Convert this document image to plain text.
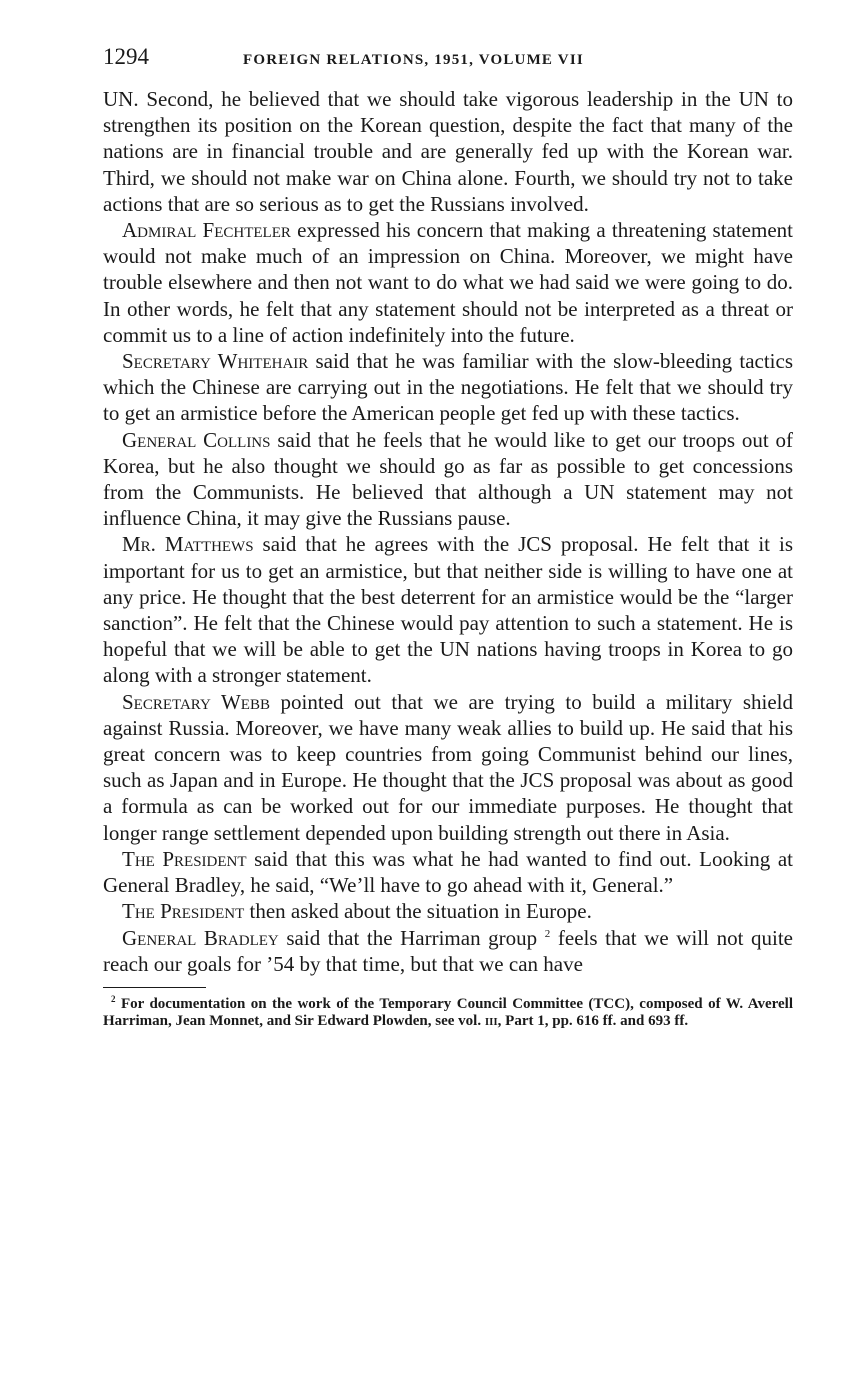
1294	FOREIGN RELATIONS, 1951, VOLUME VII

UN. Second, he believed that we should take vigorous leadership in the UN to strengthen its position on the Korean question, despite the fact that many of the nations are in financial trouble and are generally fed up with the Korean war. Third, we should not make war on China alone. Fourth, we should try not to take actions that are so serious as to get the Russians involved.

Admiral Fechteler expressed his concern that making a threatening statement would not make much of an impression on China. Moreover, we might have trouble elsewhere and then not want to do what we had said we were going to do. In other words, he felt that any statement should not be interpreted as a threat or commit us to a line of action indefinitely into the future.

Secretary Whitehair said that he was familiar with the slow-bleeding tactics which the Chinese are carrying out in the negotiations. He felt that we should try to get an armistice before the American people get fed up with these tactics.

General Collins said that he feels that he would like to get our troops out of Korea, but he also thought we should go as far as possible to get concessions from the Communists. He believed that although a UN statement may not influence China, it may give the Russians pause.

Mr. Matthews said that he agrees with the JCS proposal. He felt that it is important for us to get an armistice, but that neither side is willing to have one at any price. He thought that the best deterrent for an armistice would be the “larger sanction”. He felt that the Chinese would pay attention to such a statement. He is hopeful that we will be able to get the UN nations having troops in Korea to go along with a stronger statement.

Secretary Webb pointed out that we are trying to build a military shield against Russia. Moreover, we have many weak allies to build up. He said that his great concern was to keep countries from going Communist behind our lines, such as Japan and in Europe. He thought that the JCS proposal was about as good a formula as can be worked out for our immediate purposes. He thought that longer range settlement depended upon building strength out there in Asia.

The President said that this was what he had wanted to find out. Looking at General Bradley, he said, “We’ll have to go ahead with it, General.”

The President then asked about the situation in Europe.

General Bradley said that the Harriman group $^2$ feels that we will not quite reach our goals for ’54 by that time, but that we can have

$^2$ For documentation on the work of the Temporary Council Committee (TCC), composed of W. Averell Harriman, Jean Monnet, and Sir Edward Plowden, see vol. iii, Part 1, pp. 616 ff. and 693 ff.
